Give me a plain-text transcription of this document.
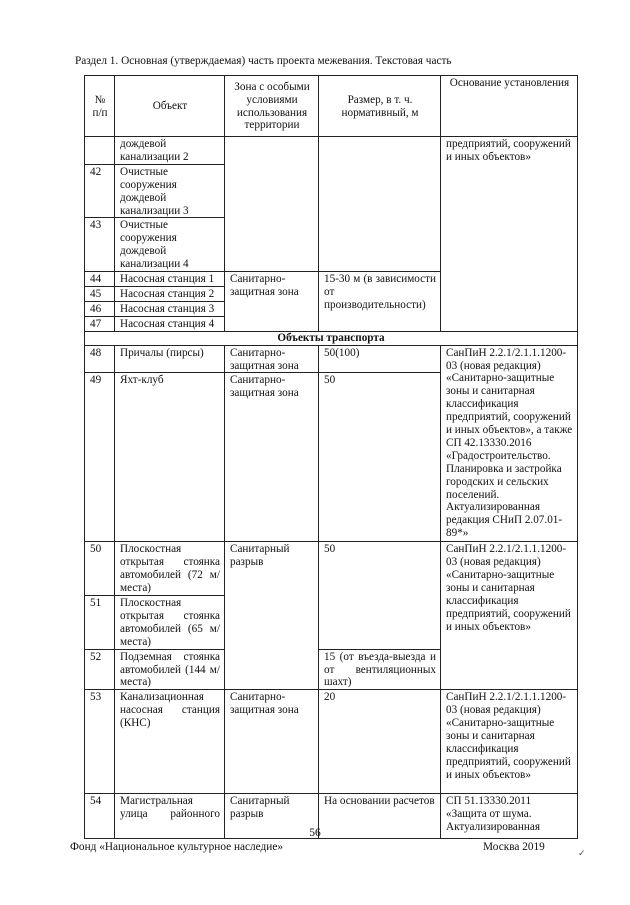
Раздел 1. Основная (утверждаемая) часть проекта межевания. Текстовая часть
№ п/п	Объект	Зона с особыми условиями использования территории	Размер, в т. ч. нормативный, м	Основание установления
	дождевой канализации 2			предприятий, сооружений и иных объектов»
42	Очистные сооружения дождевой канализации 3			
43	Очистные сооружения дождевой канализации 4			
44	Насосная станция 1	Санитарно-защитная зона	15-30 м (в зависимости от производительности)	

45	Насосная станция 2			
46	Насосная станция 3			
47	Насосная станция 4			
Объекты транспорта				
48	Причалы (пирсы)	Санитарно-защитная зона	50(100)	СанПиН 2.2.1/2.1.1.1200-03 (новая редакция) «Санитарно-защитные зоны и санитарная классификация предприятий, сооружений и иных объектов», а также СП 42.13330.2016 «Градостроительство. Планировка и застройка городских и сельских поселений. Актуализированная редакция СНиП 2.07.01-89*»
49	Яхт-клуб	Санитарно-защитная зона	50	
50	Плоскостная открытая стоянка автомобилей (72 м/места)	Санитарный разрыв	50	СанПиН 2.2.1/2.1.1.1200-03 (новая редакция) «Санитарно-защитные зоны и санитарная классификация предприятий, сооружений и иных объектов»
51	Плоскостная открытая стоянка автомобилей (65 м/места)			

52	Подземная стоянка автомобилей (144 м/места)		15 (от въезда-выезда и от вентиляционных шахт)	

53	Канализационная насосная станция (КНС)	Санитарно-защитная зона	20	СанПиН 2.2.1/2.1.1.1200-03 (новая редакция) «Санитарно-защитные зоны и санитарная классификация предприятий, сооружений и иных объектов»
54	Магистральная улица районного	Санитарный разрыв	На основании расчетов	СП 51.13330.2011 «Защита от шума. Актуализированная
56
Фонд «Национальное культурное наследие»	Москва 2019	✓
